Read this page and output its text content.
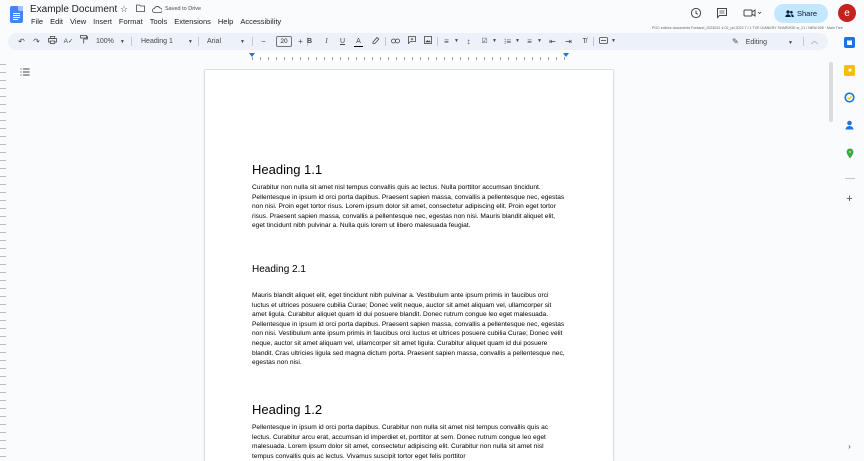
Example Document ☆	Saved to Drive
File Edit View Insert Format Tools Extensions Help Accessibility
POC editors documents Fontand_2023031 4-02_pd 2023 7 / 1 TVE G/ANKRY SHAR0IOE w_21 / NEW-005 · Main Tree
Share	e
↶ ↷	A✓	100% ▼ Heading 1	▼ Arial	▼	−	20	+ B	I	U	A	≡	▼ ↕	☑ ▼ ⁝≡ ▼ ≡	▼ ⇤ ⇥	T̸	▼	✎ Editing	▼	︿
Heading 1.1
Curabitur non nulla sit amet nisl tempus convallis quis ac lectus. Nulla porttitor accumsan tincidunt. Pellentesque in ipsum id orci porta dapibus. Praesent sapien massa, convallis a pellentesque nec, egestas non nisi. Proin eget tortor risus. Lorem ipsum dolor sit amet, consectetur adipiscing elit. Proin eget tortor risus. Praesent sapien massa, convallis a pellentesque nec, egestas non nisi. Mauris blandit aliquet elit, eget tincidunt nibh pulvinar a. Nulla quis lorem ut libero malesuada feugiat.
Heading 2.1
Mauris blandit aliquet elit, eget tincidunt nibh pulvinar a. Vestibulum ante ipsum primis in faucibus orci luctus et ultrices posuere cubilia Curae; Donec velit neque, auctor sit amet aliquam vel, ullamcorper sit amet ligula. Curabitur aliquet quam id dui posuere blandit. Donec rutrum congue leo eget malesuada. Pellentesque in ipsum id orci porta dapibus. Praesent sapien massa, convallis a pellentesque nec, egestas non nisi. Vestibulum ante ipsum primis in faucibus orci luctus et ultrices posuere cubilia Curae; Donec velit neque, auctor sit amet aliquam vel, ullamcorper sit amet ligula. Curabitur aliquet quam id dui posuere blandit. Cras ultricies ligula sed magna dictum porta. Praesent sapien massa, convallis a pellentesque nec, egestas non nisi.
Heading 1.2
Pellentesque in ipsum id orci porta dapibus. Curabitur non nulla sit amet nisl tempus convallis quis ac lectus. Curabitur arcu erat, accumsan id imperdiet et, porttitor at sem. Donec rutrum congue leo eget malesuada. Lorem ipsum dolor sit amet, consectetur adipiscing elit. Curabitur non nulla sit amet nisl tempus convallis quis ac lectus. Vivamus suscipit tortor eget felis porttitor
+
›
